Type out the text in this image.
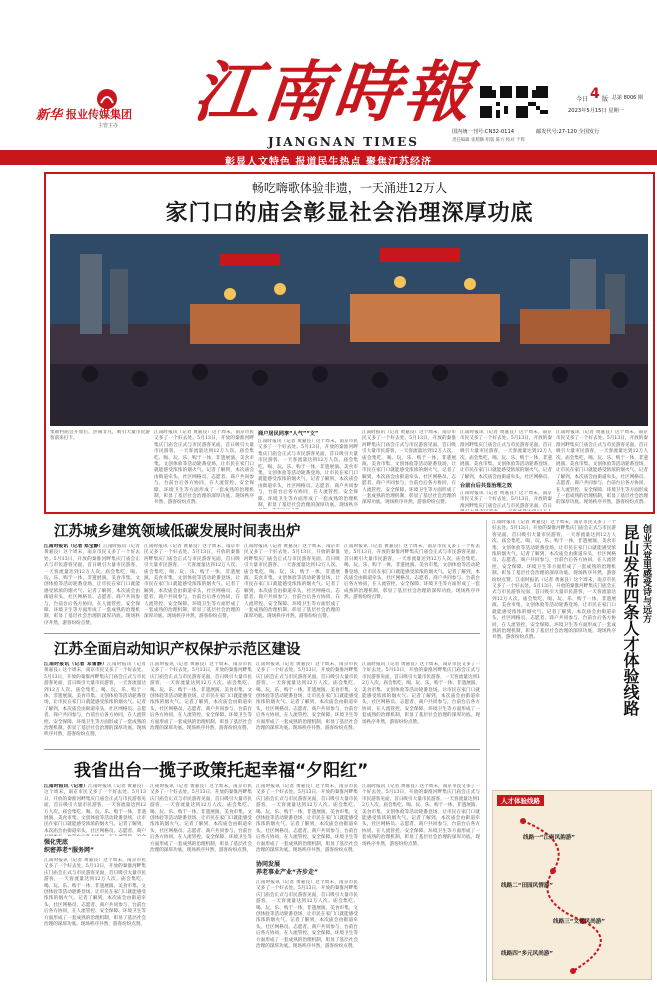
新华 报业传媒集团
主管主办 江南時報
JIANGNAN TIMES
今日 4 版 总第 8006 期
2023年5月15日 星期一
国内统一刊号:CN32-0114	邮发代号:27-120 全国发行
责任编辑 张稍顺 组版 陈方 校对 于辉
彰显人文特色 报道民生热点 聚焦江苏经济
畅吃嗨歌体验非遗，一天涌进12万人
家门口的庙会彰显社会治理深厚功底
集散村庙会开放后，热闹非凡，吸引大量市民游客前来打卡。
江南时报讯（记者 黄嘉良）这个周末，南京市民又多了一个好去处。5月13日，开放的秦淮河畔集庆门庙会正式与市民游客见面，首日吸引大量市民游客，一天客流量达到12万人次。庙会集吃、喝、玩、乐、购于一体，非遗展演、美食市集、文创体验等活动轮番登场，让市民在家门口就能感受浓浓的烟火气。记者了解到，本次庙会由街道牵头，社区网格员、志愿者、商户共同参与，台前台后各方协同，在人流管控、安全保障、环境卫生等方面形成了一套成熟的治理机制，彰显了基层社会治理的深厚功底。现场秩序井然，游客纷纷点赞。
商户居民同享“人气”“文”
江南时报讯（记者 黄嘉良）这个周末，南京市民又多了一个好去处。5月13日，开放的秦淮河畔集庆门庙会正式与市民游客见面，首日吸引大量市民游客，一天客流量达到12万人次。庙会集吃、喝、玩、乐、购于一体，非遗展演、美食市集、文创体验等活动轮番登场，让市民在家门口就能感受浓浓的烟火气。记者了解到，本次庙会由街道牵头，社区网格员、志愿者、商户共同参与，台前台后各方协同，在人流管控、安全保障、环境卫生等方面形成了一套成熟的治理机制，彰显了基层社会治理的深厚功底。现场秩序
江南时报讯（记者 黄嘉良）这个周末，南京市民又多了一个好去处。5月13日，开放的秦淮河畔集庆门庙会正式与市民游客见面，首日吸引大量市民游客，一天客流量达到12万人次。庙会集吃、喝、玩、乐、购于一体，非遗展演、美食市集、文创体验等活动轮番登场，让市民在家门口就能感受浓浓的烟火气。记者了解到，本次庙会由街道牵头，社区网格员、志愿者、商户共同参与，台前台后各方协同，在人流管控、安全保障、环境卫生等方面形成了一套成熟的治理机制，彰显了基层社会治理的深厚功底。现场秩序井然，游客纷纷点赞。
江南时报讯（记者 黄嘉良）这个周末，南京市民又多了一个好去处。5月13日，开放的秦淮河畔集庆门庙会正式与市民游客见面，首日吸引大量市民游客，一天客流量达到12万人次。庙会集吃、喝、玩、乐、购于一体，非遗展演、美食市集、文创体验等活动轮番登场，让市民在家门口就能感受浓浓的烟火气。记者了解到，本次庙会由街道牵头，社区网格员、
台前台后共显治理之效
江南时报讯（记者 黄嘉良）这个周末，南京市民又多了一个好去处。5月13日，开放的秦淮河畔集庆门庙会正式与市民游客见面，首日
江南时报讯（记者 黄嘉良）这个周末，南京市民又多了一个好去处。5月13日，开放的秦淮河畔集庆门庙会正式与市民游客见面，首日吸引大量市民游客，一天客流量达到12万人次。庙会集吃、喝、玩、乐、购于一体，非遗展演、美食市集、文创体验等活动轮番登场，让市民在家门口就能感受浓浓的烟火气。记者了解到，本次庙会由街道牵头，社区网格员、志愿者、商户共同参与，台前台后各方协同，在人流管控、安全保障、环境卫生等方面形成了一套成熟的治理机制，彰显了基层社会治理的深厚功底。现场秩序井然，游客纷纷点赞。
江苏城乡建筑领域低碳发展时间表出炉
江南时报讯（记者 郑宝静）江南时报讯（记者 黄嘉良）这个周末，南京市民又多了一个好去处。5月13日，开放的秦淮河畔集庆门庙会正式与市民游客见面，首日吸引大量市民游客，一天客流量达到12万人次。庙会集吃、喝、玩、乐、购于一体，非遗展演、美食市集、文创体验等活动轮番登场，让市民在家门口就能感受浓浓的烟火气。记者了解到，本次庙会由街道牵头，社区网格员、志愿者、商户共同参与，台前台后各方协同，在人流管控、安全保障、环境卫生等方面形成了一套成熟的治理机制，彰显了基层社会治理的深厚功底。现场秩序井然，游客纷纷点赞。
江南时报讯（记者 黄嘉良）这个周末，南京市民又多了一个好去处。5月13日，开放的秦淮河畔集庆门庙会正式与市民游客见面，首日吸引大量市民游客，一天客流量达到12万人次。庙会集吃、喝、玩、乐、购于一体，非遗展演、美食市集、文创体验等活动轮番登场，让市民在家门口就能感受浓浓的烟火气。记者了解到，本次庙会由街道牵头，社区网格员、志愿者、商户共同参与，台前台后各方协同，在人流管控、安全保障、环境卫生等方面形成了一套成熟的治理机制，彰显了基层社会治理的深厚功底。现场秩序井然，游客纷纷点赞。
江南时报讯（记者 黄嘉良）这个周末，南京市民又多了一个好去处。5月13日，开放的秦淮河畔集庆门庙会正式与市民游客见面，首日吸引大量市民游客，一天客流量达到12万人次。庙会集吃、喝、玩、乐、购于一体，非遗展演、美食市集、文创体验等活动轮番登场，让市民在家门口就能感受浓浓的烟火气。记者了解到，本次庙会由街道牵头，社区网格员、志愿者、商户共同参与，台前台后各方协同，在人流管控、安全保障、环境卫生等方面形成了一套成熟的治理机制，彰显了基层社会治理的深厚功底。现场秩序井然，游客纷纷点赞。
江南时报讯（记者 黄嘉良）这个周末，南京市民又多了一个好去处。5月13日，开放的秦淮河畔集庆门庙会正式与市民游客见面，首日吸引大量市民游客，一天客流量达到12万人次。庙会集吃、喝、玩、乐、购于一体，非遗展演、美食市集、文创体验等活动轮番登场，让市民在家门口就能感受浓浓的烟火气。记者了解到，本次庙会由街道牵头，社区网格员、志愿者、商户共同参与，台前台后各方协同，在人流管控、安全保障、环境卫生等方面形成了一套成熟的治理机制，彰显了基层社会治理的深厚功底。现场秩序井然，游客纷纷点赞。
江苏全面启动知识产权保护示范区建设
江南时报讯（记者 邓雷静）江南时报讯（记者 黄嘉良）这个周末，南京市民又多了一个好去处。5月13日，开放的秦淮河畔集庆门庙会正式与市民游客见面，首日吸引大量市民游客，一天客流量达到12万人次。庙会集吃、喝、玩、乐、购于一体，非遗展演、美食市集、文创体验等活动轮番登场，让市民在家门口就能感受浓浓的烟火气。记者了解到，本次庙会由街道牵头，社区网格员、志愿者、商户共同参与，台前台后各方协同，在人流管控、安全保障、环境卫生等方面形成了一套成熟的治理机制，彰显了基层社会治理的深厚功底。现场秩序井然，游客纷纷点赞。
江南时报讯（记者 黄嘉良）这个周末，南京市民又多了一个好去处。5月13日，开放的秦淮河畔集庆门庙会正式与市民游客见面，首日吸引大量市民游客，一天客流量达到12万人次。庙会集吃、喝、玩、乐、购于一体，非遗展演、美食市集、文创体验等活动轮番登场，让市民在家门口就能感受浓浓的烟火气。记者了解到，本次庙会由街道牵头，社区网格员、志愿者、商户共同参与，台前台后各方协同，在人流管控、安全保障、环境卫生等方面形成了一套成熟的治理机制，彰显了基层社会治理的深厚功底。现场秩序井然，游客纷纷点赞。
江南时报讯（记者 黄嘉良）这个周末，南京市民又多了一个好去处。5月13日，开放的秦淮河畔集庆门庙会正式与市民游客见面，首日吸引大量市民游客，一天客流量达到12万人次。庙会集吃、喝、玩、乐、购于一体，非遗展演、美食市集、文创体验等活动轮番登场，让市民在家门口就能感受浓浓的烟火气。记者了解到，本次庙会由街道牵头，社区网格员、志愿者、商户共同参与，台前台后各方协同，在人流管控、安全保障、环境卫生等方面形成了一套成熟的治理机制，彰显了基层社会治理的深厚功底。现场秩序井然，游客纷纷点赞。
江南时报讯（记者 黄嘉良）这个周末，南京市民又多了一个好去处。5月13日，开放的秦淮河畔集庆门庙会正式与市民游客见面，首日吸引大量市民游客，一天客流量达到12万人次。庙会集吃、喝、玩、乐、购于一体，非遗展演、美食市集、文创体验等活动轮番登场，让市民在家门口就能感受浓浓的烟火气。记者了解到，本次庙会由街道牵头，社区网格员、志愿者、商户共同参与，台前台后各方协同，在人流管控、安全保障、环境卫生等方面形成了一套成熟的治理机制，彰显了基层社会治理的深厚功底。现场秩序井然，游客纷纷点赞。
我省出台一揽子政策托起幸福“夕阳红”
江南时报讯（记者）江南时报讯（记者 黄嘉良）这个周末，南京市民又多了一个好去处。5月13日，开放的秦淮河畔集庆门庙会正式与市民游客见面，首日吸引大量市民游客，一天客流量达到12万人次。庙会集吃、喝、玩、乐、购于一体，非遗展演、美食市集、文创体验等活动轮番登场，让市民在家门口就能感受浓浓的烟火气。记者了解到，本次庙会由街道牵头，社区网格员、志愿者、商户
强化兜底
织密养老“服务网”
江南时报讯（记者 黄嘉良）这个周末，南京市民又多了一个好去处。5月13日，开放的秦淮河畔集庆门庙会正式与市民游客见面，首日吸引大量市民游客，一天客流量达到12万人次。庙会集吃、喝、玩、乐、购于一体，非遗展演、美食市集、文创体验等活动轮番登场，让市民在家门口就能感受浓浓的烟火气。记者了解到，本次庙会由街道牵头，社区网格员、志愿者、商户共同参与，台前台后各方协同，在人流管控、安全保障、环境卫生等方面形成了一套成熟的治理机制，彰显了基层社会治理的深厚功底。现场秩序井然，游客纷纷点赞。
江南时报讯（记者 黄嘉良）这个周末，南京市民又多了一个好去处。5月13日，开放的秦淮河畔集庆门庙会正式与市民游客见面，首日吸引大量市民游客，一天客流量达到12万人次。庙会集吃、喝、玩、乐、购于一体，非遗展演、美食市集、文创体验等活动轮番登场，让市民在家门口就能感受浓浓的烟火气。记者了解到，本次庙会由街道牵头，社区网格员、志愿者、商户共同参与，台前台后各方协同，在人流管控、安全保障、环境卫生等方面形成了一套成熟的治理机制，彰显了基层社会治理的深厚功底。现场秩序井然，游客纷纷点赞。
江南时报讯（记者 黄嘉良）这个周末，南京市民又多了一个好去处。5月13日，开放的秦淮河畔集庆门庙会正式与市民游客见面，首日吸引大量市民游客，一天客流量达到12万人次。庙会集吃、喝、玩、乐、购于一体，非遗展演、美食市集、文创体验等活动轮番登场，让市民在家门口就能感受浓浓的烟火气。记者了解到，本次庙会由街道牵头，社区网格员、志愿者、商户共同参与，台前台后各方协同，在人流管控、安全保障、环境卫生等方面形成了一套成熟的治理机制，彰显了基层社会治理的深厚功底。现场秩序井然，游客纷纷点赞。
协同发展
养老事业产业“齐步走”
江南时报讯（记者 黄嘉良）这个周末，南京市民又多了一个好去处。5月13日，开放的秦淮河畔集庆门庙会正式与市民游客见面，首日吸引大量市民游客，一天客流量达到12万人次。庙会集吃、喝、玩、乐、购于一体，非遗展演、美食市集、文创体验等活动轮番登场，让市民在家门口就能感受浓浓的烟火气。记者了解到，本次庙会由街道牵头，社区网格员、志愿者、商户共同参与，台前台后各方协同，在人流管控、安全保障、环境卫生等方面形成了一套成熟的治理机制，彰显了基层社会治理的深厚功底。现场秩序井然，游客纷纷点赞。
江南时报讯（记者 黄嘉良）这个周末，南京市民又多了一个好去处。5月13日，开放的秦淮河畔集庆门庙会正式与市民游客见面，首日吸引大量市民游客，一天客流量达到12万人次。庙会集吃、喝、玩、乐、购于一体，非遗展演、美食市集、文创体验等活动轮番登场，让市民在家门口就能感受浓浓的烟火气。记者了解到，本次庙会由街道牵头，社区网格员、志愿者、商户共同参与，台前台后各方协同，在人流管控、安全保障、环境卫生等方面形成了一套成熟的治理机制，彰显了基层社会治理的深厚功底。现场秩序井然，游客纷纷点赞。
江南时报讯（记者 黄嘉良）这个周末，南京市民又多了一个好去处。5月13日，开放的秦淮河畔集庆门庙会正式与市民游客见面，首日吸引大量市民游客，一天客流量达到12万人次。庙会集吃、喝、玩、乐、购于一体，非遗展演、美食市集、文创体验等活动轮番登场，让市民在家门口就能感受浓浓的烟火气。记者了解到，本次庙会由街道牵头，社区网格员、志愿者、商户共同参与，台前台后各方协同，在人流管控、安全保障、环境卫生等方面形成了一套成熟的治理机制，彰显了基层社会治理的深厚功底。现场秩序井然，游客纷纷点赞。江南时报讯（记者 黄嘉良）这个周末，南京市民又多了一个好去处。5月13日，开放的秦淮河畔集庆门庙会正式与市民游客见面，首日吸引大量市民游客，一天客流量达到12万人次。庙会集吃、喝、玩、乐、购于一体，非遗展演、美食市集、文创体验等活动轮番登场，让市民在家门口就能感受浓浓的烟火气。记者了解到，本次庙会由街道牵头，社区网格员、志愿者、商户共同参与，台前台后各方协同，在人流管控、安全保障、环境卫生等方面形成了一套成熟的治理机制，彰显了基层社会治理的深厚功底。现场秩序井然，游客纷纷点赞。
创业天堂里感受诗与远方
昆山发布四条人才体验线路
人才体验线路
线路一“江南风韵游”
线路二“田园风情游”
线路三“文化风尚游”
线路四“多元风尚游”
